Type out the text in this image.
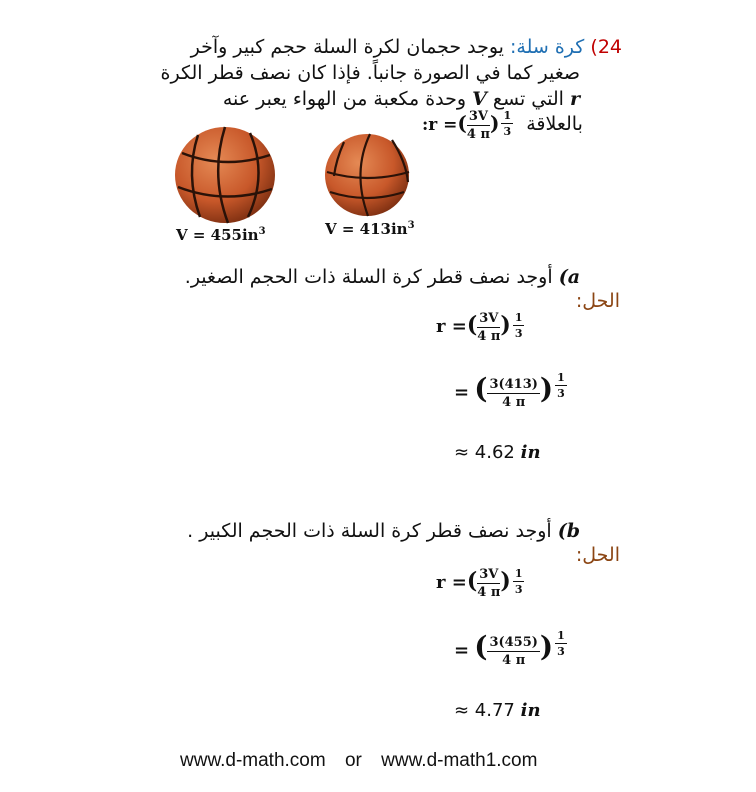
24) كرة سلة: يوجد حجمان لكرة السلة حجم كبير وآخر
صغير كما في الصورة جانباً. فإذا كان نصف قطر الكرة
r التي تسع V وحدة مكعبة من الهواء يعبر عنه
:r =( $\frac{3V}{4 \pi}$ ) $\frac{1}{3}$ بالعلاقة
$V = 455in^3$	$V = 413in^3$
a) أوجد نصف قطر كرة السلة ذات الحجم الصغير.
الحل:
r =( $\frac{3V}{4 \pi}$ ) $\frac{1}{3}$
= ( $\frac{3(413)}{4 \pi}$ ) $\frac{1}{3}$
≈ 4.62 in
b) أوجد نصف قطر كرة السلة ذات الحجم الكبير .
الحل:
r =( $\frac{3V}{4 \pi}$ ) $\frac{1}{3}$
= ( $\frac{3(455)}{4 \pi}$ ) $\frac{1}{3}$
≈ 4.77 in
www.d-math.com or www.d-math1.com
